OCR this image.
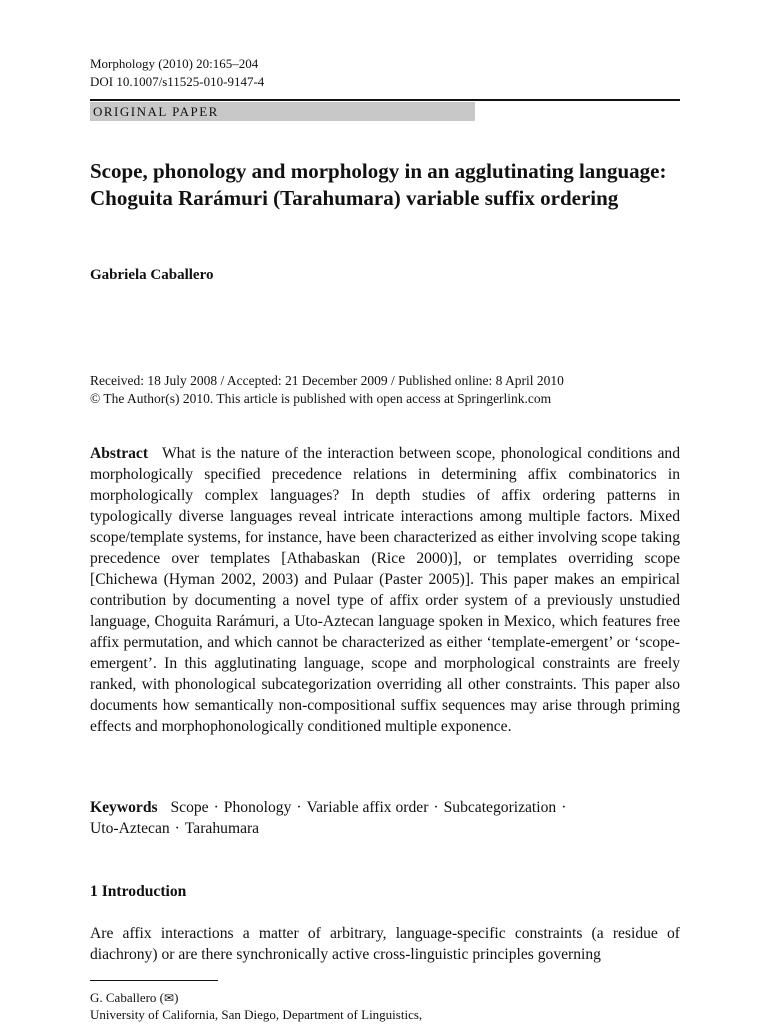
Morphology (2010) 20:165–204
DOI 10.1007/s11525-010-9147-4
ORIGINAL PAPER
Scope, phonology and morphology in an agglutinating language: Choguita Rarámuri (Tarahumara) variable suffix ordering
Gabriela Caballero
Received: 18 July 2008 / Accepted: 21 December 2009 / Published online: 8 April 2010
© The Author(s) 2010. This article is published with open access at Springerlink.com
Abstract What is the nature of the interaction between scope, phonological conditions and morphologically specified precedence relations in determining affix combinatorics in morphologically complex languages? In depth studies of affix ordering patterns in typologically diverse languages reveal intricate interactions among multiple factors. Mixed scope/template systems, for instance, have been characterized as either involving scope taking precedence over templates [Athabaskan (Rice 2000)], or templates overriding scope [Chichewa (Hyman 2002, 2003) and Pulaar (Paster 2005)]. This paper makes an empirical contribution by documenting a novel type of affix order system of a previously unstudied language, Choguita Rarámuri, a Uto-Aztecan language spoken in Mexico, which features free affix permutation, and which cannot be characterized as either ‘template-emergent’ or ‘scope-emergent’. In this agglutinating language, scope and morphological constraints are freely ranked, with phonological subcategorization overriding all other constraints. This paper also documents how semantically non-compositional suffix sequences may arise through priming effects and morphophonologically conditioned multiple exponence.
Keywords Scope · Phonology · Variable affix order · Subcategorization ·
Uto-Aztecan · Tarahumara
1 Introduction
Are affix interactions a matter of arbitrary, language-specific constraints (a residue of diachrony) or are there synchronically active cross-linguistic principles governing
G. Caballero (✉)
University of California, San Diego, Department of Linguistics,
